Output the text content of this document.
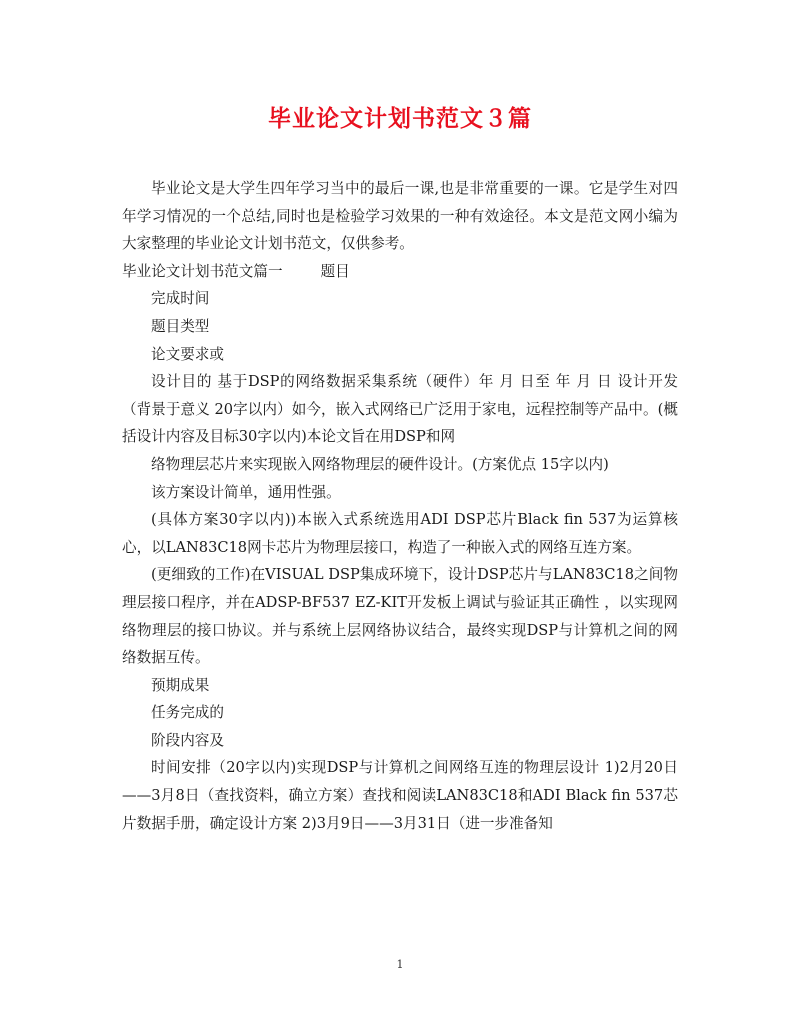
毕业论文计划书范文３篇

毕业论文是大学生四年学习当中的最后一课,也是非常重要的一课。它是学生对四年学习情况的一个总结,同时也是检验学习效果的一种有效途径。本文是范文网小编为大家整理的毕业论文计划书范文，仅供参考。

毕业论文计划书范文篇一	题目

完成时间

题目类型

论文要求或

设计目的 基于DSP的网络数据采集系统（硬件）年 月 日至 年 月 日 设计开发（背景于意义 20字以内）如今，嵌入式网络已广泛用于家电，远程控制等产品中。(概括设计内容及目标30字以内)本论文旨在用DSP和网

络物理层芯片来实现嵌入网络物理层的硬件设计。(方案优点 15字以内)

该方案设计简单，通用性强。

(具体方案30字以内))本嵌入式系统选用ADI DSP芯片Black fin 537为运算核心，以LAN83C18网卡芯片为物理层接口，构造了一种嵌入式的网络互连方案。

(更细致的工作)在VISUAL DSP集成环境下，设计DSP芯片与LAN83C18之间物理层接口程序，并在ADSP-BF537 EZ-KIT开发板上调试与验证其正确性 ，以实现网络物理层的接口协议。并与系统上层网络协议结合，最终实现DSP与计算机之间的网络数据互传。

预期成果

任务完成的

阶段内容及

时间安排（20字以内)实现DSP与计算机之间网络互连的物理层设计 1)2月20日——3月8日（查找资料，确立方案）查找和阅读LAN83C18和ADI Black fin 537芯片数据手册，确定设计方案 2)3月9日——3月31日（进一步准备知

1
